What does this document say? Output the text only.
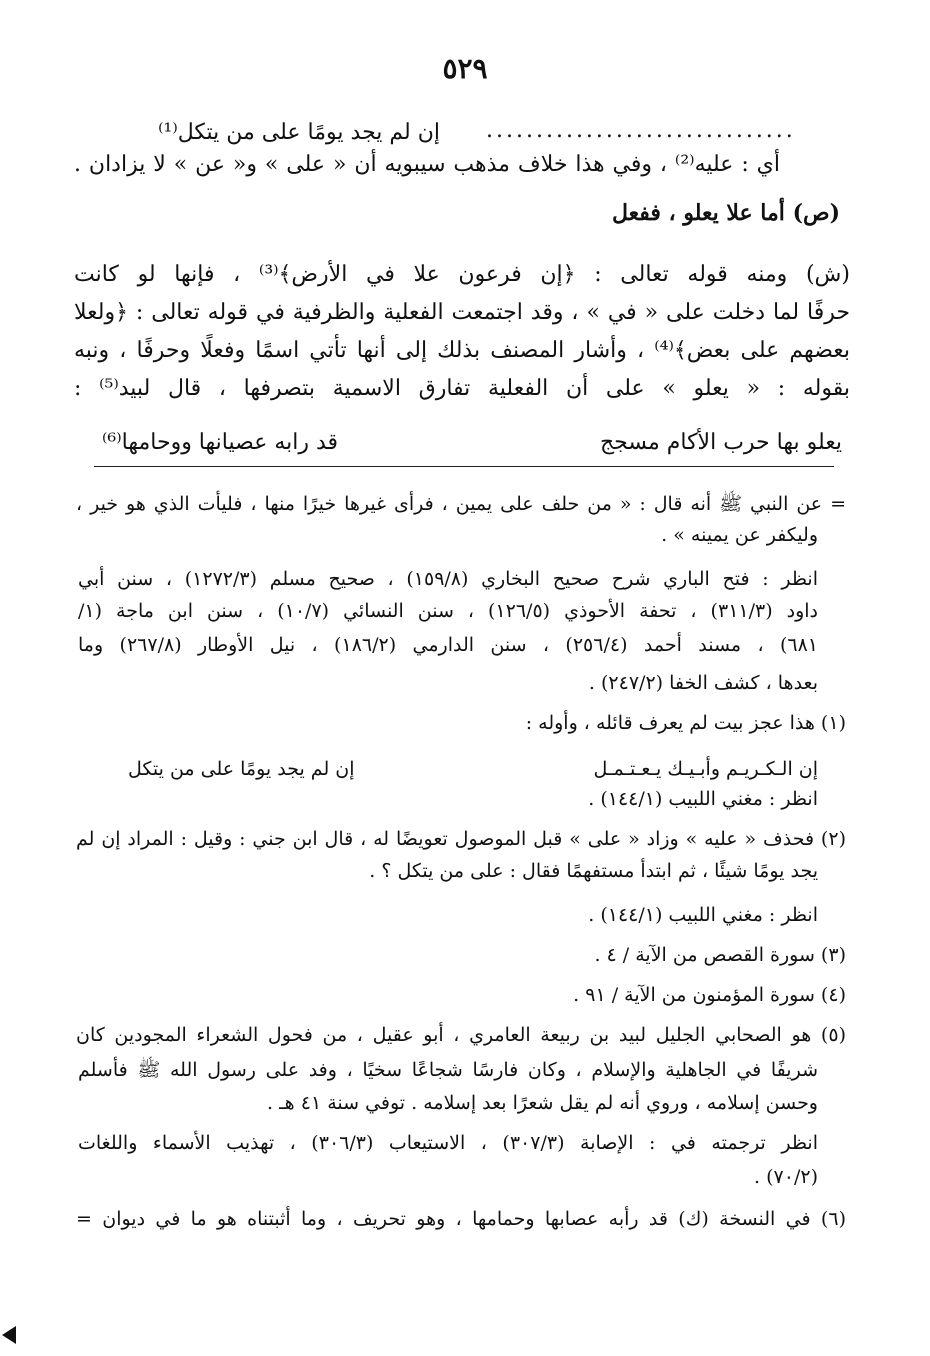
٥٢٩
...............................
إن لم يجد يومًا على من يتكل⁽¹⁾
أي : عليه⁽²⁾ ، وفي هذا خلاف مذهب سيبويه أن « على » و« عن » لا يزادان .
(ص) أما علا يعلو ، ففعل
(ش) ومنه قوله تعالى : ﴿إن فرعون علا في الأرض﴾⁽³⁾ ، فإنها لو كانت
حرفًا لما دخلت على « في » ، وقد اجتمعت الفعلية والظرفية في قوله تعالى : ﴿ولعلا
بعضهم على بعض﴾⁽⁴⁾ ، وأشار المصنف بذلك إلى أنها تأتي اسمًا وفعلًا وحرفًا ، ونبه
بقوله : « يعلو » على أن الفعلية تفارق الاسمية بتصرفها ، قال لبيد⁽⁵⁾ :
يعلو بها حرب الأكام مسجج
قد رابه عصيانها ووحامها⁽⁶⁾
= عن النبي ﷺ أنه قال : « من حلف على يمين ، فرأى غيرها خيرًا منها ، فليأت الذي هو خير ،
وليكفر عن يمينه » .
انظر : فتح الباري شرح صحيح البخاري (١٥٩/٨) ، صحيح مسلم (١٢٧٢/٣) ، سنن أبي
داود (٣١١/٣) ، تحفة الأحوذي (١٢٦/٥) ، سنن النسائي (١٠/٧) ، سنن ابن ماجة (١/
٦٨١) ، مسند أحمد (٢٥٦/٤) ، سنن الدارمي (١٨٦/٢) ، نيل الأوطار (٢٦٧/٨) وما
بعدها ، كشف الخفا (٢٤٧/٢) .
(١) هذا عجز بيت لم يعرف قائله ، وأوله :
إن الـكـريـم وأبـيـك يـعـتـمـل
إن لم يجد يومًا على من يتكل
انظر : مغني اللبيب (١٤٤/١) .
(٢) فحذف « عليه » وزاد « على » قبل الموصول تعويضًا له ، قال ابن جني : وقيل : المراد إن لم
يجد يومًا شيئًا ، ثم ابتدأ مستفهمًا فقال : على من يتكل ؟ .
انظر : مغني اللبيب (١٤٤/١) .
(٣) سورة القصص من الآية / ٤ .
(٤) سورة المؤمنون من الآية / ٩١ .
(٥) هو الصحابي الجليل لبيد بن ربيعة العامري ، أبو عقيل ، من فحول الشعراء المجودين كان
شريفًا في الجاهلية والإسلام ، وكان فارسًا شجاعًا سخيًا ، وفد على رسول الله ﷺ فأسلم
وحسن إسلامه ، وروي أنه لم يقل شعرًا بعد إسلامه . توفي سنة ٤١ هـ .
انظر ترجمته في : الإصابة (٣٠٧/٣) ، الاستيعاب (٣٠٦/٣) ، تهذيب الأسماء واللغات
(٧٠/٢) .
(٦) في النسخة (ك) قد رأبه عصابها وحمامها ، وهو تحريف ، وما أثبتناه هو ما في ديوان =
